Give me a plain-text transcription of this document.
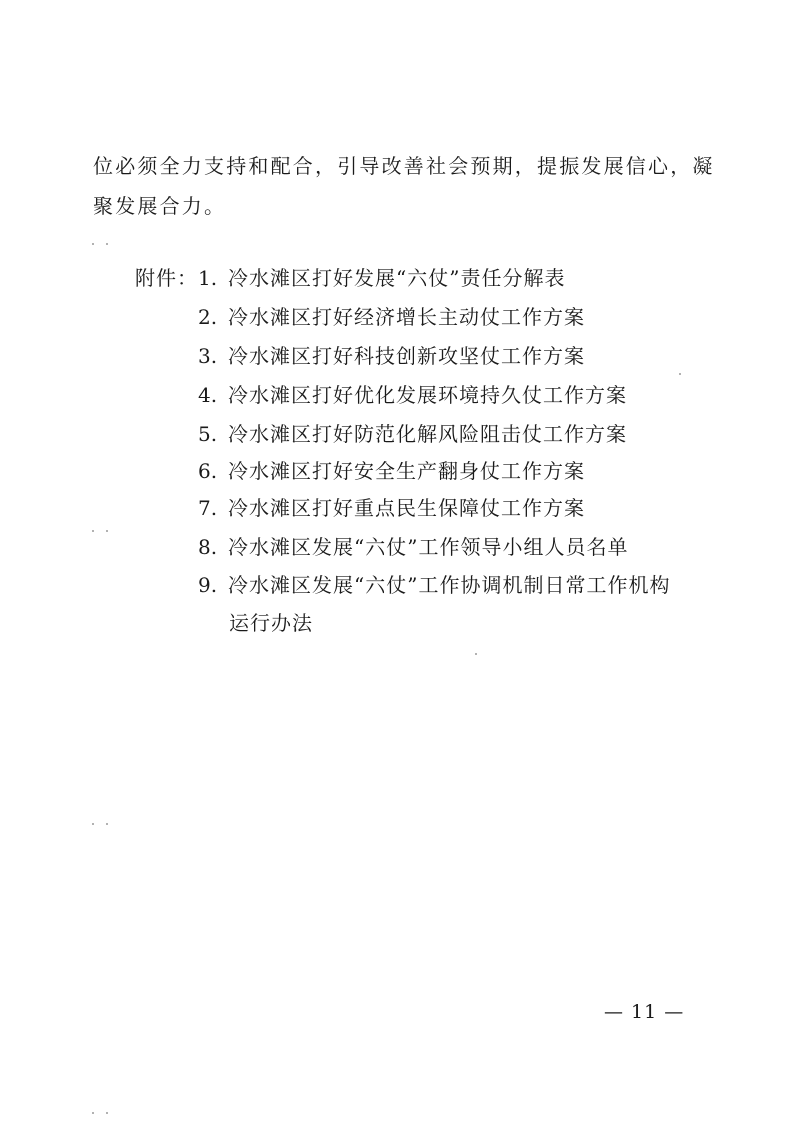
位必须全力支持和配合，引导改善社会预期，提振发展信心，凝
聚发展合力。
附件： 1. 冷水滩区打好发展“六仗”责任分解表
2. 冷水滩区打好经济增长主动仗工作方案
3. 冷水滩区打好科技创新攻坚仗工作方案
4. 冷水滩区打好优化发展环境持久仗工作方案
5. 冷水滩区打好防范化解风险阻击仗工作方案
6. 冷水滩区打好安全生产翻身仗工作方案
7. 冷水滩区打好重点民生保障仗工作方案
8. 冷水滩区发展“六仗”工作领导小组人员名单
9. 冷水滩区发展“六仗”工作协调机制日常工作机构
运行办法
— 11 —
